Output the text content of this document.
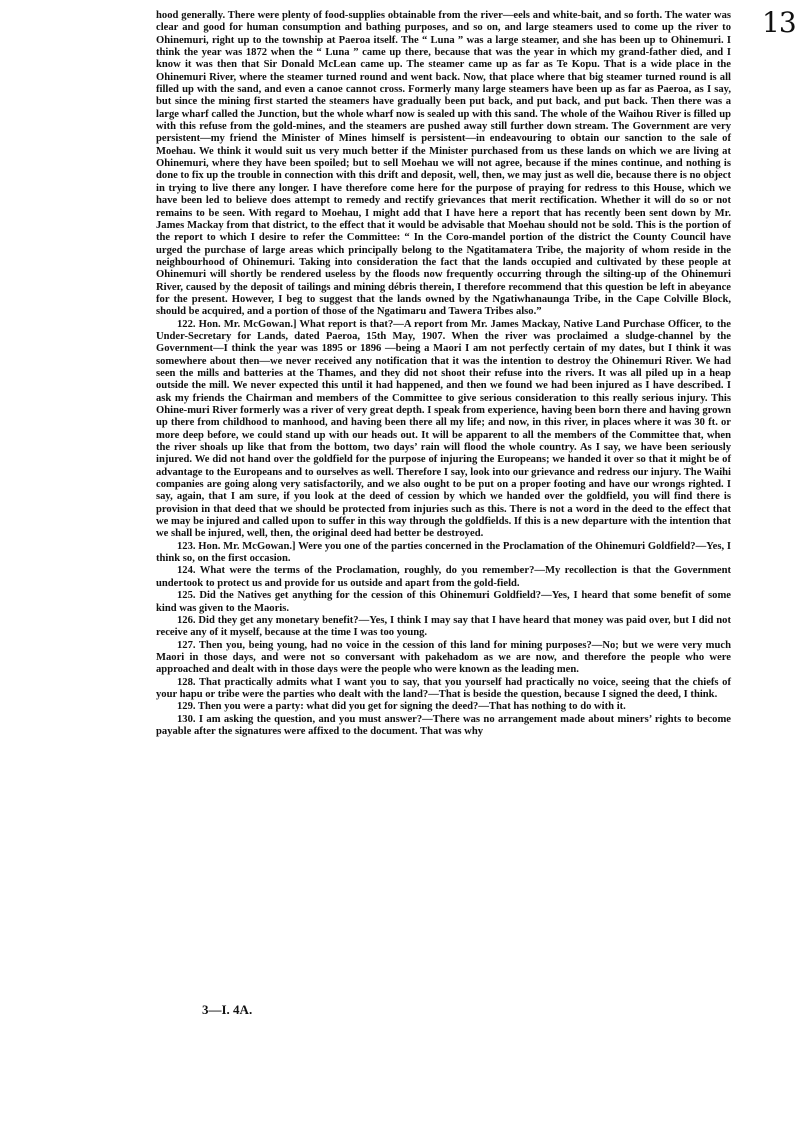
13

hood generally. There were plenty of food-supplies obtainable from the river—eels and white-bait, and so forth. The water was clear and good for human consumption and bathing purposes, and so on, and large steamers used to come up the river to Ohinemuri, right up to the township at Paeroa itself. The “ Luna ” was a large steamer, and she has been up to Ohinemuri. I think the year was 1872 when the “ Luna ” came up there, because that was the year in which my grand-father died, and I know it was then that Sir Donald McLean came up. The steamer came up as far as Te Kopu. That is a wide place in the Ohinemuri River, where the steamer turned round and went back. Now, that place where that big steamer turned round is all filled up with the sand, and even a canoe cannot cross. Formerly many large steamers have been up as far as Paeroa, as I say, but since the mining first started the steamers have gradually been put back, and put back, and put back. Then there was a large wharf called the Junction, but the whole wharf now is sealed up with this sand. The whole of the Waihou River is filled up with this refuse from the gold-mines, and the steamers are pushed away still further down stream. The Government are very persistent—my friend the Minister of Mines himself is persistent—in endeavouring to obtain our sanction to the sale of Moehau. We think it would suit us very much better if the Minister purchased from us these lands on which we are living at Ohinemuri, where they have been spoiled; but to sell Moehau we will not agree, because if the mines continue, and nothing is done to fix up the trouble in connection with this drift and deposit, well, then, we may just as well die, because there is no object in trying to live there any longer. I have therefore come here for the purpose of praying for redress to this House, which we have been led to believe does attempt to remedy and rectify grievances that merit rectification. Whether it will do so or not remains to be seen. With regard to Moehau, I might add that I have here a report that has recently been sent down by Mr. James Mackay from that district, to the effect that it would be advisable that Moehau should not be sold. This is the portion of the report to which I desire to refer the Committee: “ In the Coro-mandel portion of the district the County Council have urged the purchase of large areas which principally belong to the Ngatitamatera Tribe, the majority of whom reside in the neighbourhood of Ohinemuri. Taking into consideration the fact that the lands occupied and cultivated by these people at Ohinemuri will shortly be rendered useless by the floods now frequently occurring through the silting-up of the Ohinemuri River, caused by the deposit of tailings and mining débris therein, I therefore recommend that this question be left in abeyance for the present. However, I beg to suggest that the lands owned by the Ngatiwhanaunga Tribe, in the Cape Colville Block, should be acquired, and a portion of those of the Ngatimaru and Tawera Tribes also.”

122. Hon. Mr. McGowan.] What report is that?—A report from Mr. James Mackay, Native Land Purchase Officer, to the Under-Secretary for Lands, dated Paeroa, 15th May, 1907. When the river was proclaimed a sludge-channel by the Government—I think the year was 1895 or 1896 —being a Maori I am not perfectly certain of my dates, but I think it was somewhere about then—we never received any notification that it was the intention to destroy the Ohinemuri River. We had seen the mills and batteries at the Thames, and they did not shoot their refuse into the rivers. It was all piled up in a heap outside the mill. We never expected this until it had happened, and then we found we had been injured as I have described. I ask my friends the Chairman and members of the Committee to give serious consideration to this really serious injury. This Ohine-muri River formerly was a river of very great depth. I speak from experience, having been born there and having grown up there from childhood to manhood, and having been there all my life; and now, in this river, in places where it was 30 ft. or more deep before, we could stand up with our heads out. It will be apparent to all the members of the Committee that, when the river shoals up like that from the bottom, two days’ rain will flood the whole country. As I say, we have been seriously injured. We did not hand over the goldfield for the purpose of injuring the Europeans; we handed it over so that it might be of advantage to the Europeans and to ourselves as well. Therefore I say, look into our grievance and redress our injury. The Waihi companies are going along very satisfactorily, and we also ought to be put on a proper footing and have our wrongs righted. I say, again, that I am sure, if you look at the deed of cession by which we handed over the goldfield, you will find there is provision in that deed that we should be protected from injuries such as this. There is not a word in the deed to the effect that we may be injured and called upon to suffer in this way through the goldfields. If this is a new departure with the intention that we shall be injured, well, then, the original deed had better be destroyed.

123. Hon. Mr. McGowan.] Were you one of the parties concerned in the Proclamation of the Ohinemuri Goldfield?—Yes, I think so, on the first occasion.

124. What were the terms of the Proclamation, roughly, do you remember?—My recollection is that the Government undertook to protect us and provide for us outside and apart from the gold-field.

125. Did the Natives get anything for the cession of this Ohinemuri Goldfield?—Yes, I heard that some benefit of some kind was given to the Maoris.

126. Did they get any monetary benefit?—Yes, I think I may say that I have heard that money was paid over, but I did not receive any of it myself, because at the time I was too young.

127. Then you, being young, had no voice in the cession of this land for mining purposes?—No; but we were very much Maori in those days, and were not so conversant with pakehadom as we are now, and therefore the people who were approached and dealt with in those days were the people who were known as the leading men.

128. That practically admits what I want you to say, that you yourself had practically no voice, seeing that the chiefs of your hapu or tribe were the parties who dealt with the land?—That is beside the question, because I signed the deed, I think.

129. Then you were a party: what did you get for signing the deed?—That has nothing to do with it.

130. I am asking the question, and you must answer?—There was no arrangement made about miners’ rights to become payable after the signatures were affixed to the document. That was why

3—I. 4A.
